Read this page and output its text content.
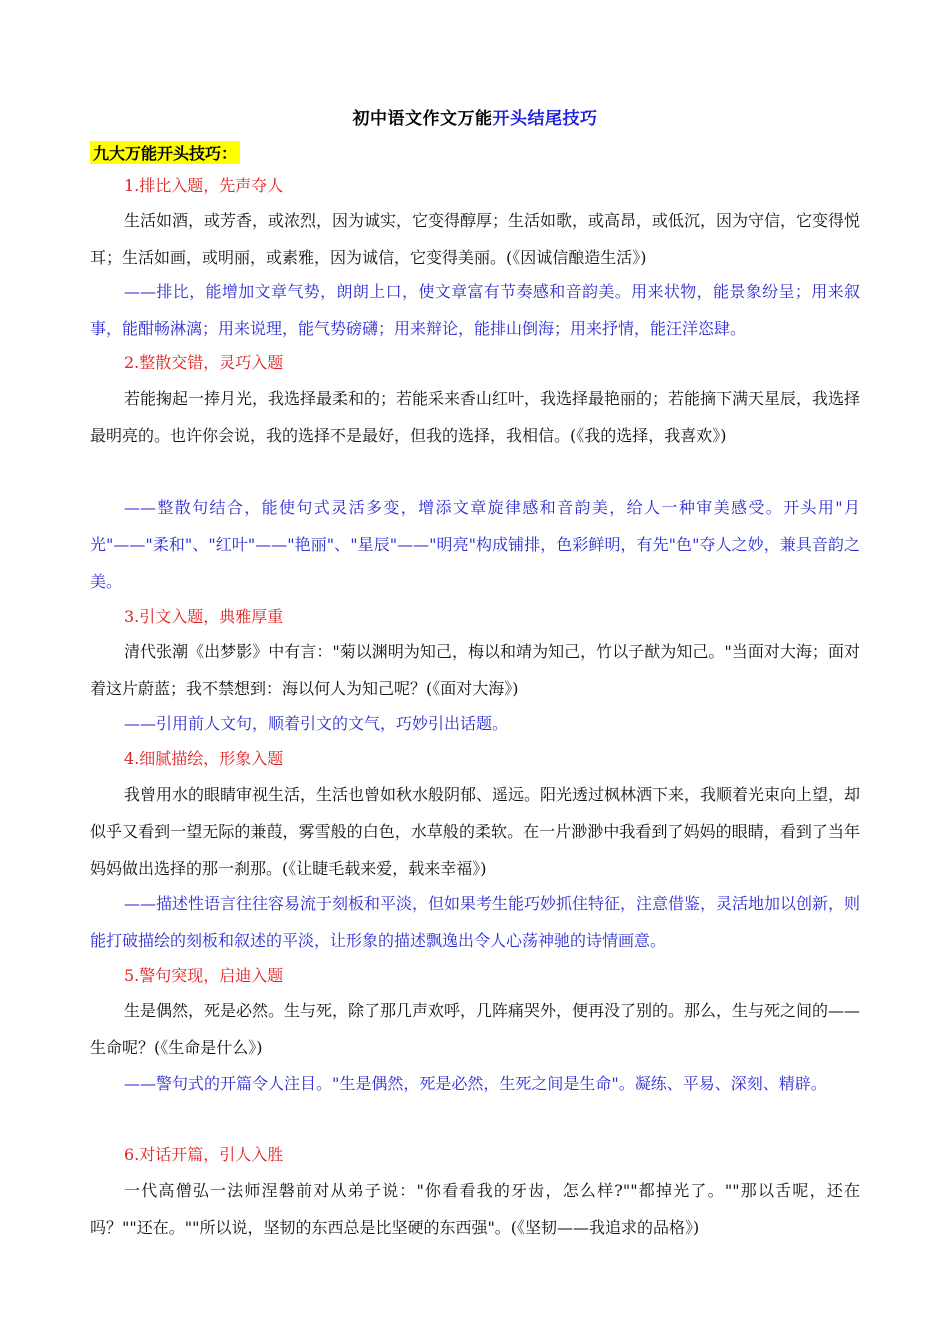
初中语文作文万能开头结尾技巧
九大万能开头技巧：

1.排比入题，先声夺人

生活如酒，或芳香，或浓烈，因为诚实，它变得醇厚；生活如歌，或高昂，或低沉，因为守信，它变得悦耳；生活如画，或明丽，或素雅，因为诚信，它变得美丽。(《因诚信酿造生活》)

——排比，能增加文章气势，朗朗上口，使文章富有节奏感和音韵美。用来状物，能景象纷呈；用来叙事，能酣畅淋漓；用来说理，能气势磅礴；用来辩论，能排山倒海；用来抒情，能汪洋恣肆。

2.整散交错，灵巧入题

若能掬起一捧月光，我选择最柔和的；若能采来香山红叶，我选择最艳丽的；若能摘下满天星辰，我选择最明亮的。也许你会说，我的选择不是最好，但我的选择，我相信。(《我的选择，我喜欢》)

——整散句结合，能使句式灵活多变，增添文章旋律感和音韵美，给人一种审美感受。开头用"月光"——"柔和"、"红叶"——"艳丽"、"星辰"——"明亮"构成铺排，色彩鲜明，有先"色"夺人之妙，兼具音韵之美。

3.引文入题，典雅厚重

清代张潮《出梦影》中有言："菊以渊明为知己，梅以和靖为知己，竹以子猷为知己。"当面对大海；面对着这片蔚蓝；我不禁想到：海以何人为知己呢？(《面对大海》)

——引用前人文句，顺着引文的文气，巧妙引出话题。

4.细腻描绘，形象入题

我曾用水的眼睛审视生活，生活也曾如秋水般阴郁、遥远。阳光透过枫林洒下来，我顺着光束向上望，却似乎又看到一望无际的兼葭，雾雪般的白色，水草般的柔软。在一片渺渺中我看到了妈妈的眼睛，看到了当年妈妈做出选择的那一刹那。(《让睫毛载来爱，载来幸福》)

——描述性语言往往容易流于刻板和平淡，但如果考生能巧妙抓住特征，注意借鉴，灵活地加以创新，则能打破描绘的刻板和叙述的平淡，让形象的描述飘逸出令人心荡神驰的诗情画意。

5.警句突现，启迪入题

生是偶然，死是必然。生与死，除了那几声欢呼，几阵痛哭外，便再没了别的。那么，生与死之间的——生命呢？(《生命是什么》)

——警句式的开篇令人注目。"生是偶然，死是必然，生死之间是生命"。凝练、平易、深刻、精辟。

6.对话开篇，引人入胜

一代高僧弘一法师涅磐前对从弟子说："你看看我的牙齿，怎么样?""都掉光了。""那以舌呢，还在吗？""还在。""所以说，坚韧的东西总是比坚硬的东西强"。(《坚韧——我追求的品格》)
